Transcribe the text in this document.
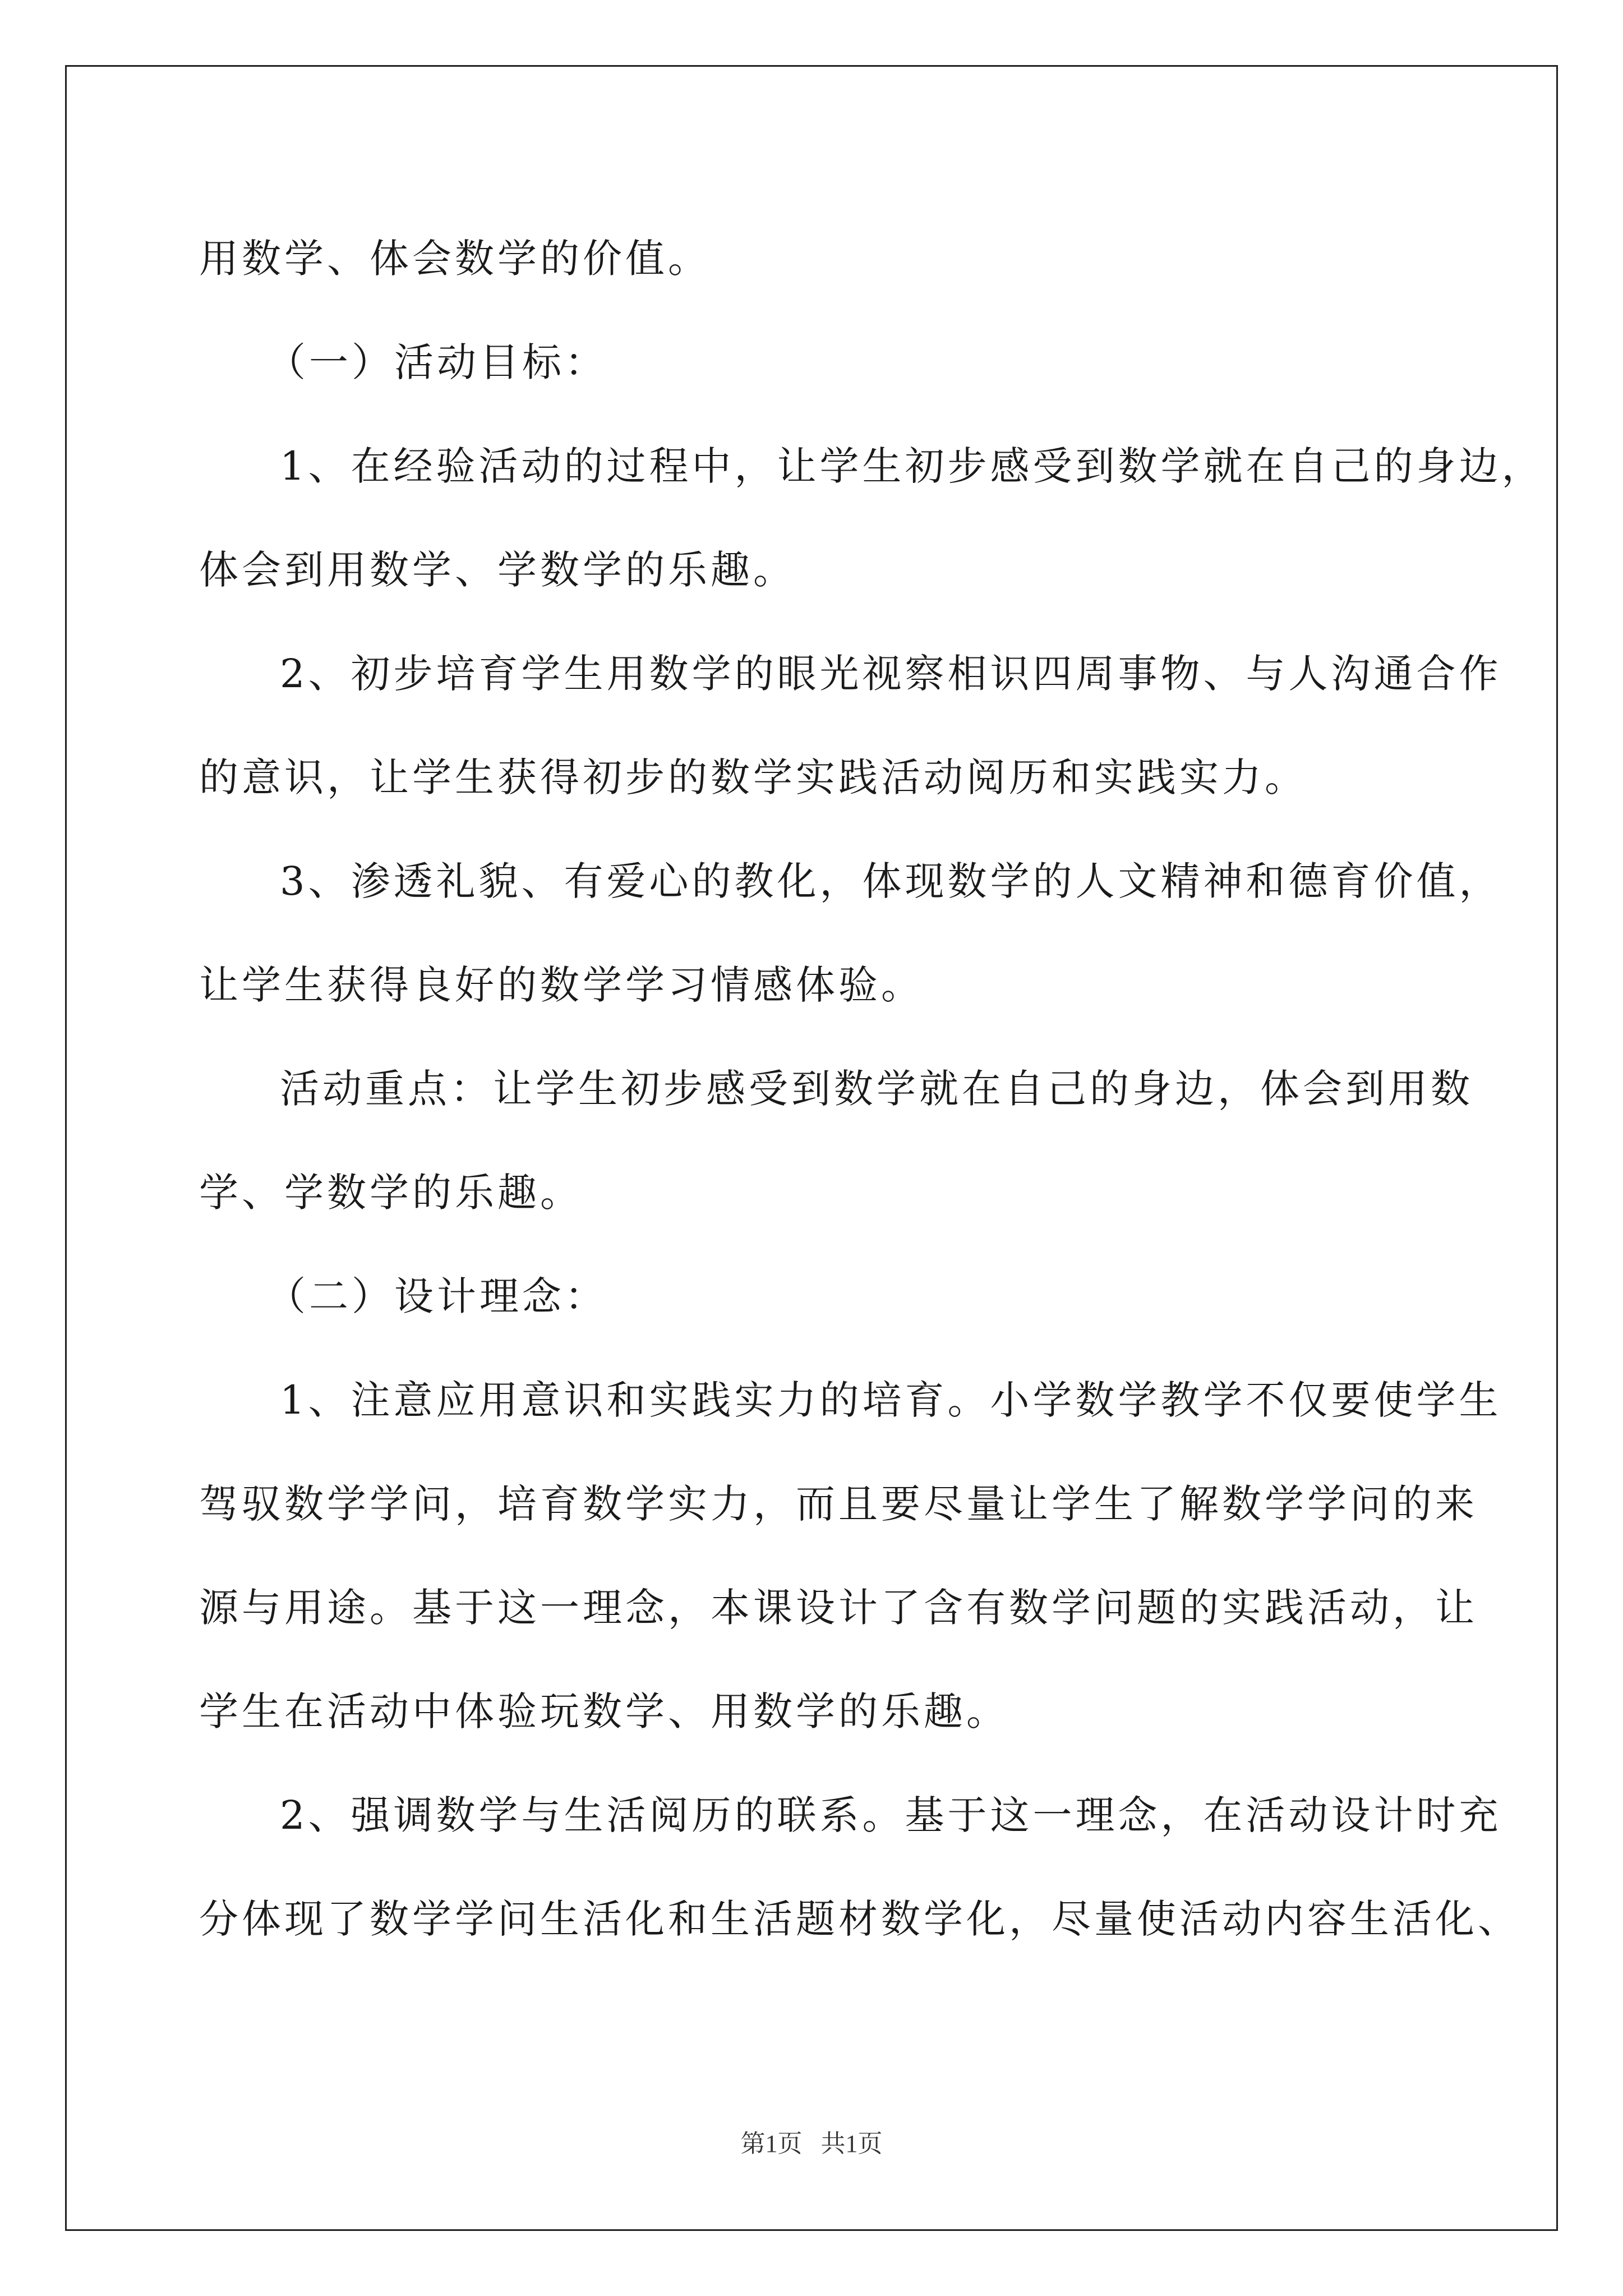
用数学、体会数学的价值。
（一）活动目标：
1、在经验活动的过程中，让学生初步感受到数学就在自己的身边，
体会到用数学、学数学的乐趣。
2、初步培育学生用数学的眼光视察相识四周事物、与人沟通合作
的意识，让学生获得初步的数学实践活动阅历和实践实力。
3、渗透礼貌、有爱心的教化，体现数学的人文精神和德育价值，
让学生获得良好的数学学习情感体验。
活动重点：让学生初步感受到数学就在自己的身边，体会到用数
学、学数学的乐趣。
（二）设计理念：
1、注意应用意识和实践实力的培育。小学数学教学不仅要使学生
驾驭数学学问，培育数学实力，而且要尽量让学生了解数学学问的来
源与用途。基于这一理念，本课设计了含有数学问题的实践活动，让
学生在活动中体验玩数学、用数学的乐趣。
2、强调数学与生活阅历的联系。基于这一理念，在活动设计时充
分体现了数学学问生活化和生活题材数学化，尽量使活动内容生活化、
第1页   共1页
